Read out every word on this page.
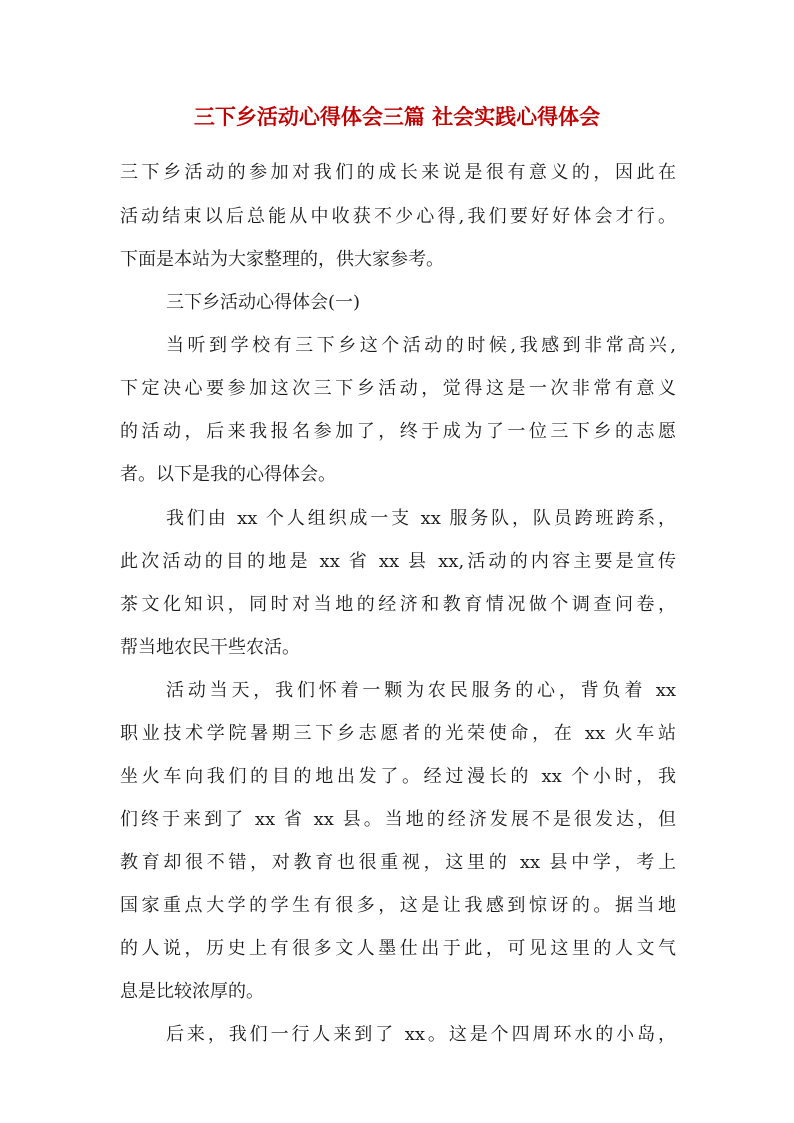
三下乡活动心得体会三篇 社会实践心得体会
三下乡活动的参加对我们的成长来说是很有意义的，因此在
活动结束以后总能从中收获不少心得,我们要好好体会才行。
下面是本站为大家整理的，供大家参考。
三下乡活动心得体会(一)
当听到学校有三下乡这个活动的时候,我感到非常高兴,
下定决心要参加这次三下乡活动，觉得这是一次非常有意义
的活动，后来我报名参加了，终于成为了一位三下乡的志愿
者。以下是我的心得体会。
我们由 xx 个人组织成一支 xx 服务队，队员跨班跨系，
此次活动的目的地是 xx 省 xx 县 xx,活动的内容主要是宣传
茶文化知识，同时对当地的经济和教育情况做个调查问卷，
帮当地农民干些农活。
活动当天，我们怀着一颗为农民服务的心，背负着 xx
职业技术学院暑期三下乡志愿者的光荣使命，在 xx 火车站
坐火车向我们的目的地出发了。经过漫长的 xx 个小时，我
们终于来到了 xx 省 xx 县。当地的经济发展不是很发达，但
教育却很不错，对教育也很重视，这里的 xx 县中学，考上
国家重点大学的学生有很多，这是让我感到惊讶的。据当地
的人说，历史上有很多文人墨仕出于此，可见这里的人文气
息是比较浓厚的。
后来，我们一行人来到了 xx。这是个四周环水的小岛，
